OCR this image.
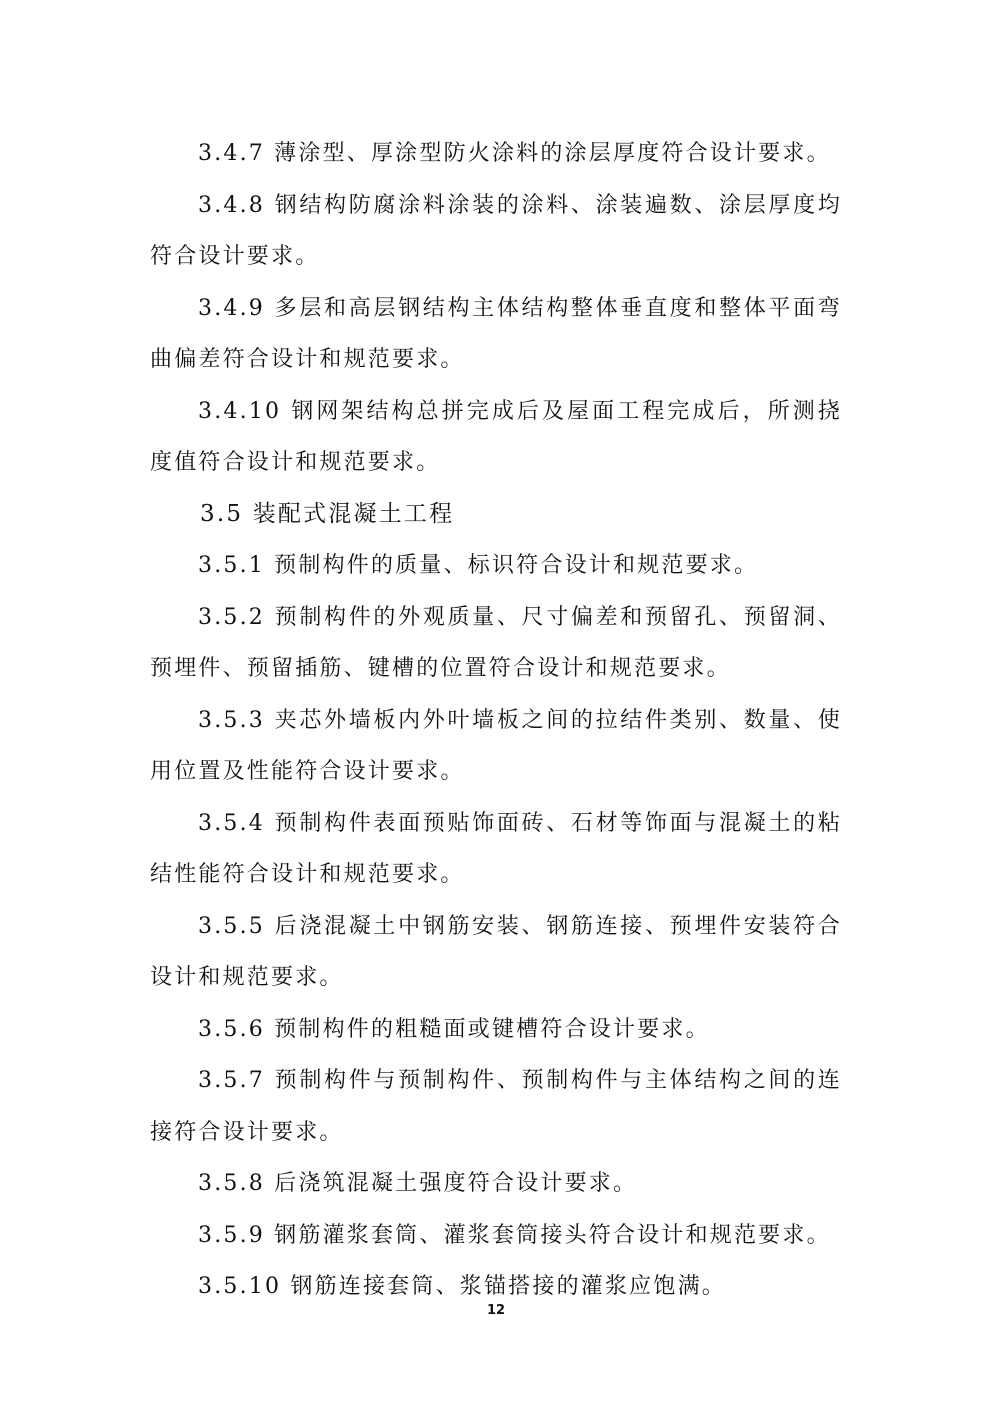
3.4.7 薄涂型、厚涂型防火涂料的涂层厚度符合设计要求。

3.4.8 钢结构防腐涂料涂装的涂料、涂装遍数、涂层厚度均符合设计要求。

3.4.9 多层和高层钢结构主体结构整体垂直度和整体平面弯曲偏差符合设计和规范要求。

3.4.10 钢网架结构总拼完成后及屋面工程完成后，所测挠度值符合设计和规范要求。

3.5 装配式混凝土工程

3.5.1 预制构件的质量、标识符合设计和规范要求。

3.5.2 预制构件的外观质量、尺寸偏差和预留孔、预留洞、预埋件、预留插筋、键槽的位置符合设计和规范要求。

3.5.3 夹芯外墙板内外叶墙板之间的拉结件类别、数量、使用位置及性能符合设计要求。

3.5.4 预制构件表面预贴饰面砖、石材等饰面与混凝土的粘结性能符合设计和规范要求。

3.5.5 后浇混凝土中钢筋安装、钢筋连接、预埋件安装符合设计和规范要求。

3.5.6 预制构件的粗糙面或键槽符合设计要求。

3.5.7 预制构件与预制构件、预制构件与主体结构之间的连接符合设计要求。

3.5.8 后浇筑混凝土强度符合设计要求。

3.5.9 钢筋灌浆套筒、灌浆套筒接头符合设计和规范要求。

3.5.10 钢筋连接套筒、浆锚搭接的灌浆应饱满。

12
